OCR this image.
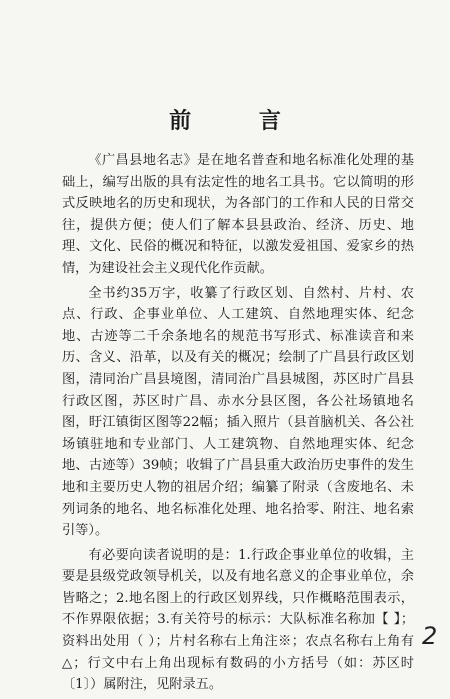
前 言

《广昌县地名志》是在地名普查和地名标准化处理的基础上，编写出版的具有法定性的地名工具书。它以简明的形式反映地名的历史和现状，为各部门的工作和人民的日常交往，提供方便；使人们了解本县县政治、经济、历史、地理、文化、民俗的概况和特征，以激发爱祖国、爱家乡的热情，为建设社会主义现代化作贡献。

全书约35万字，收纂了行政区划、自然村、片村、农点、行政、企事业单位、人工建筑、自然地理实体、纪念地、古迹等二千余条地名的规范书写形式、标准读音和来历、含义、沿革，以及有关的概况；绘制了广昌县行政区划图，清同治广昌县境图，清同治广昌县城图，苏区时广昌县行政区图，苏区时广昌、赤水分县区图，各公社场镇地名图，盱江镇街区图等22幅；插入照片（县首脑机关、各公社场镇驻地和专业部门、人工建筑物、自然地理实体、纪念地、古迹等）39帧；收辑了广昌县重大政治历史事件的发生地和主要历史人物的祖居介绍；编纂了附录（含废地名、未列词条的地名、地名标准化处理、地名拾零、附注、地名索引等）。

有必要向读者说明的是：1.行政企事业单位的收辑，主要是县级党政领导机关，以及有地名意义的企事业单位，余皆略之；2.地名图上的行政区划界线，只作概略范围表示，不作界限依据；3.有关符号的标示：大队标准名称加【 】；资料出处用（ ）；片村名称右上角注※；农点名称右上角有△；行文中右上角出现标有数码的小方括号（如：苏区时〔1〕）属附注，见附录五。

2
